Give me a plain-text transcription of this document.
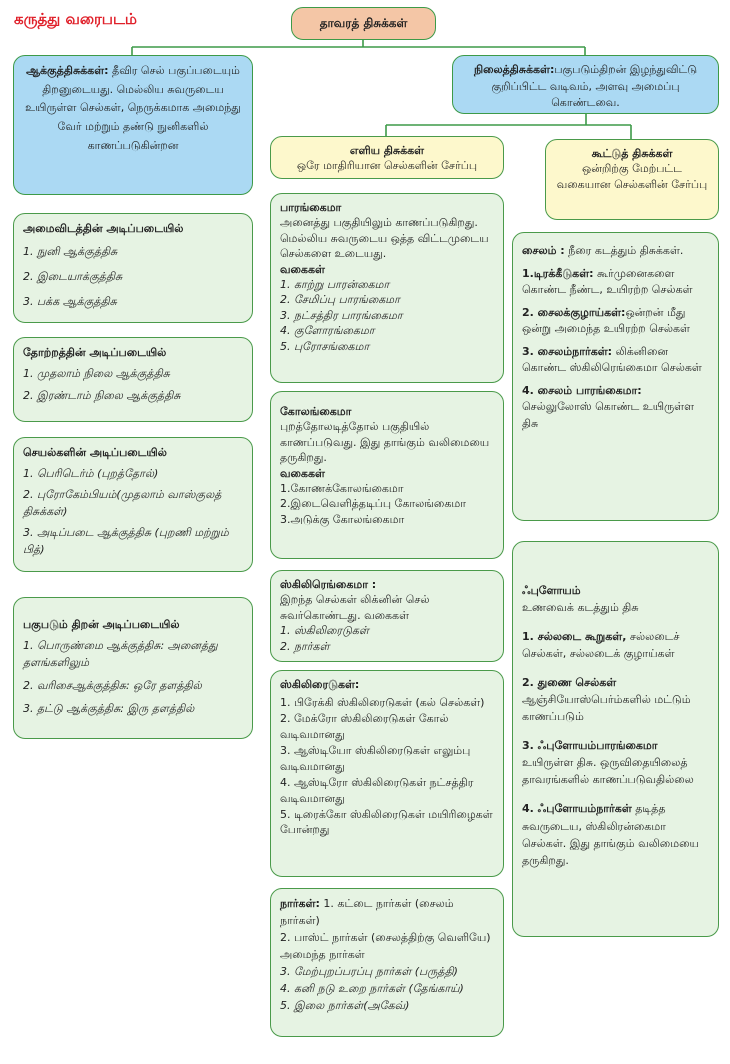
கருத்து வரைபடம்	தாவரத் திசுக்கள்
ஆக்குத்திசுக்கள்: தீவிர செல் பகுப்படையும் திறனுடையது. மெல்லிய சுவருடைய உயிருள்ள செல்கள், நெருக்கமாக அமைந்து வேர் மற்றும் தண்டு நுனிகளில் காணப்படுகின்றன
நிலைத்திசுக்கள்:பகுபடும்திறன் இழந்துவிட்டு குறிப்பிட்ட வடிவம், அளவு அமைப்பு கொண்டவை.
எளிய திசுக்கள்
ஒரே மாதிரியான செல்களின் சேர்ப்பு
கூட்டுத் திசுக்கள்
ஒன்றிற்கு மேற்பட்ட வகையான செல்களின் சேர்ப்பு
அமைவிடத்தின் அடிப்படையில்
1. நுனி ஆக்குத்திசு
2. இடையாக்குத்திசு
3. பக்க ஆக்குத்திசு
தோற்றத்தின் அடிப்படையில்
1. முதலாம் நிலை ஆக்குத்திசு
2. இரண்டாம் நிலை ஆக்குத்திசு
செயல்களின் அடிப்படையில்
1. பெரிடெர்ம் (புறத்தோல்)
2. புரோகேம்பியம்(முதலாம் வாஸ்குலத் திசுக்கள்)
3. அடிப்படை ஆக்குத்திசு (புறணி மற்றும் பித்)
பகுபடும் திறன் அடிப்படையில்
1. பொருண்மை ஆக்குத்திசு: அனைத்து தளங்களிலும்
2. வரிசைஆக்குத்திசு: ஒரே தளத்தில்
3. தட்டு ஆக்குத்திசு: இரு தளத்தில்
பாரங்கைமா
அனைத்து பகுதியிலும் காணப்படுகிறது. மெல்லிய சுவருடைய ஒத்த விட்டமுடைய செல்களை உடையது.
வகைகள்
1. காற்று பாரன்கைமா
2. சேமிப்பு பாரங்கைமா
3. நட்சத்திர பாரங்கைமா
4. குளோரங்கைமா
5. புரோசங்கைமா
கோலங்கைமா
புறத்தோலடித்தோல் பகுதியில் காணப்படுவது. இது தாங்கும் வலிமையை தருகிறது.
வகைகள்
1.கோணக்கோலங்கைமா
2.இடைவெளித்தடிப்பு கோலங்கைமா
3.அடுக்கு கோலங்கைமா
ஸ்கிலிரெங்கைமா :
இறந்த செல்கள் லிக்னின் செல் சுவர்கொண்டது. வகைகள்
1. ஸ்கிலிரைடுகள்
2. நார்கள்
ஸ்கிலிரைடுகள்:
1. பிரேக்கி ஸ்கிலிரைடுகள் (கல் செல்கள்)
2. மேக்ரோ ஸ்கிலிரைடுகள் கோல் வடிவமானது
3. ஆஸ்டியோ ஸ்கிலிரைடுகள் எலும்பு வடிவமானது
4. ஆஸ்டிரோ ஸ்கிலிரைடுகள் நட்சத்திர வடிவமானது
5. டிரைக்கோ ஸ்கிலிரைடுகள் மயிரிழைகள் போன்றது
நார்கள்: 1. கட்டை நார்கள் (சைலம் நார்கள்)
2. பாஸ்ட் நார்கள் (சைலத்திற்கு வெளியே) அமைந்த நார்கள்
3. மேற்புறப்பரப்பு நார்கள் (பருத்தி)
4. கனி நடு உறை நார்கள் (தேங்காய்)
5. இலை நார்கள்(அகேவ்)
சைலம் : நீரை கடத்தும் திசுக்கள்.
1.டிரக்கீடுகள்: கூர்முனைகளை கொண்ட நீண்ட, உயிரற்ற செல்கள்
2. சைலக்குழாய்கள்:ஒன்றன் மீது ஒன்று அமைந்த உயிரற்ற செல்கள்
3. சைலம்நார்கள்: லிக்னினை கொண்ட ஸ்கிலிரெங்கைமா செல்கள்
4. சைலம் பாரங்கைமா: செல்லுலோஸ் கொண்ட உயிருள்ள திசு
ஃபுளோயம்
உணவைக் கடத்தும் திசு
1. சல்லடை கூறுகள், சல்லடைச் செல்கள், சல்லடைக் குழாய்கள்
2. துணை செல்கள் ஆஞ்சியோஸ்பெர்ம்களில் மட்டும் காணப்படும்
3. ஃபுளோயம்பாரங்கைமா உயிருள்ள திசு. ஒருவிதையிலைத் தாவரங்களில் காணப்படுவதில்லை
4. ஃபுளோயம்நார்கள் தடித்த சுவருடைய, ஸ்கிலிரன்கைமா செல்கள். இது தாங்கும் வலிமையை தருகிறது.
